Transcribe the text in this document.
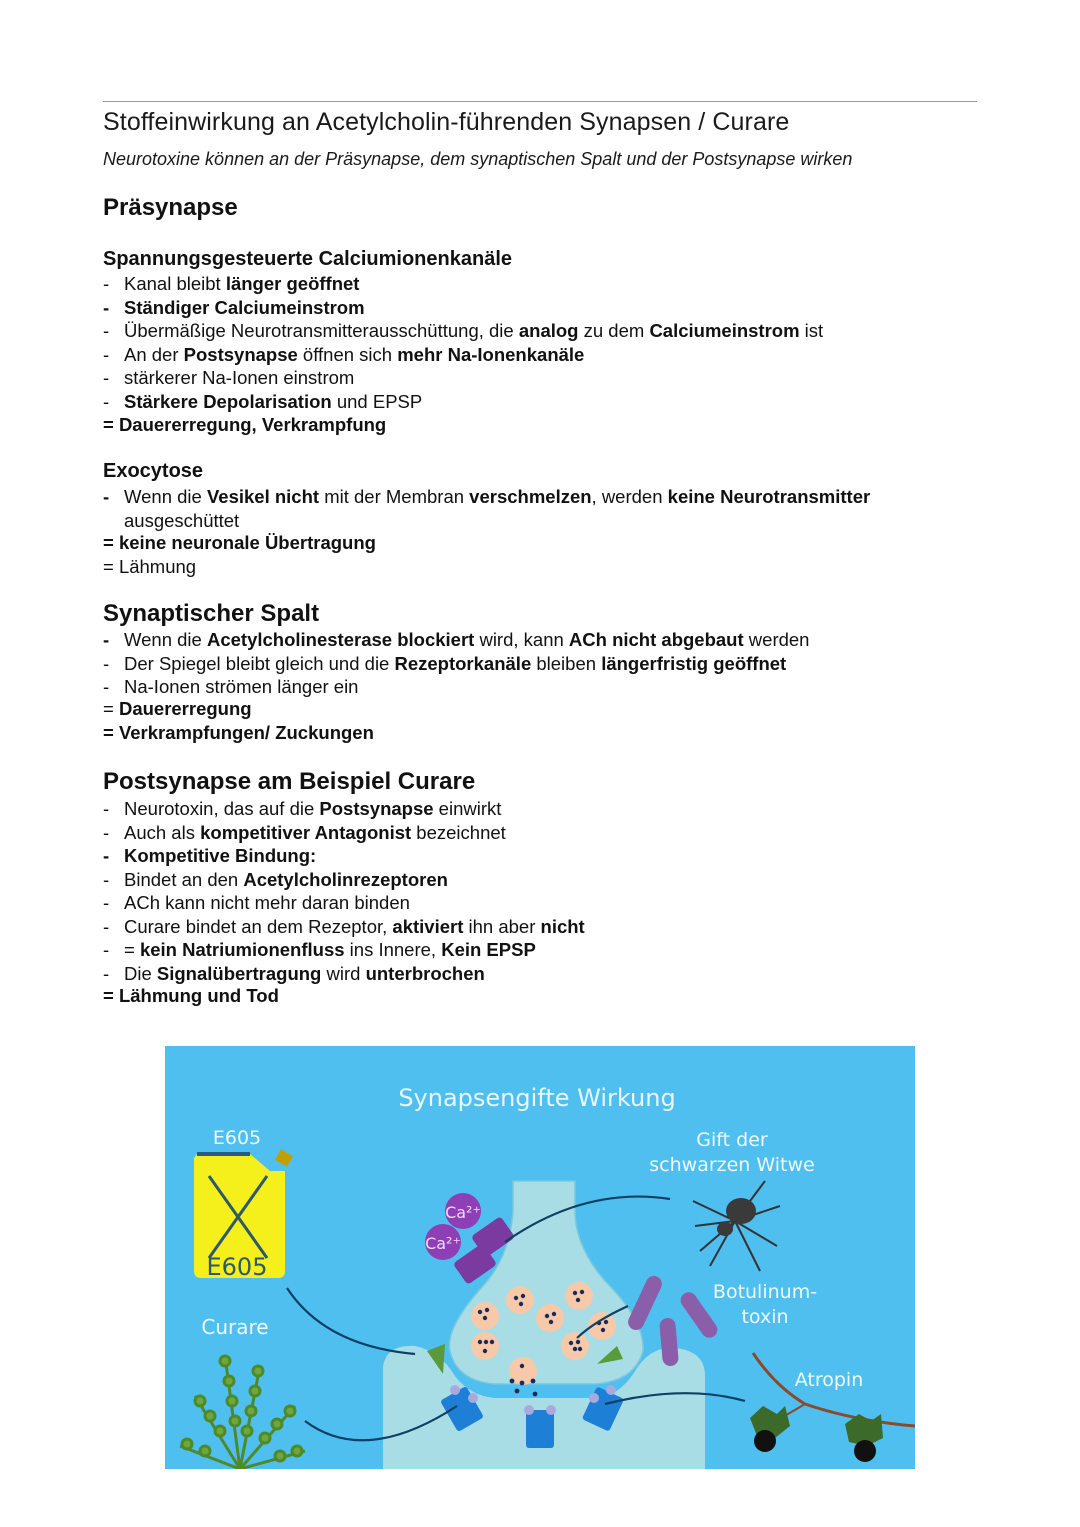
Stoffeinwirkung an Acetylcholin-führenden Synapsen / Curare
Neurotoxine können an der Präsynapse, dem synaptischen Spalt und der Postsynapse wirken
Präsynapse
Spannungsgesteuerte Calciumionenkanäle
- Kanal bleibt länger geöffnet
- Ständiger Calciumeinstrom
- Übermäßige Neurotransmitterausschüttung, die analog zu dem Calciumeinstrom ist
- An der Postsynapse öffnen sich mehr Na-Ionenkanäle
- stärkerer Na-Ionen einstrom
- Stärkere Depolarisation und EPSP
= Dauererregung, Verkrampfung
Exocytose
- Wenn die Vesikel nicht mit der Membran verschmelzen, werden keine Neurotransmitter ausgeschüttet
= keine neuronale Übertragung
= Lähmung
Synaptischer Spalt
- Wenn die Acetylcholinesterase blockiert wird, kann ACh nicht abgebaut werden
- Der Spiegel bleibt gleich und die Rezeptorkanäle bleiben längerfristig geöffnet
- Na-Ionen strömen länger ein
= Dauererregung
= Verkrampfungen/ Zuckungen
Postsynapse am Beispiel Curare
- Neurotoxin, das auf die Postsynapse einwirkt
- Auch als kompetitiver Antagonist bezeichnet
- Kompetitive Bindung:
- Bindet an den Acetylcholinrezeptoren
- ACh kann nicht mehr daran binden
- Curare bindet an dem Rezeptor, aktiviert ihn aber nicht
- = kein Natriumionenfluss ins Innere, Kein EPSP
- Die Signalübertragung wird unterbrochen
= Lähmung und Tod
Synapsengifte Wirkung
Ca²⁺
Ca²⁺
E605
E605
Curare
Gift der
schwarzen Witwe
Botulinum-
toxin
Atropin
